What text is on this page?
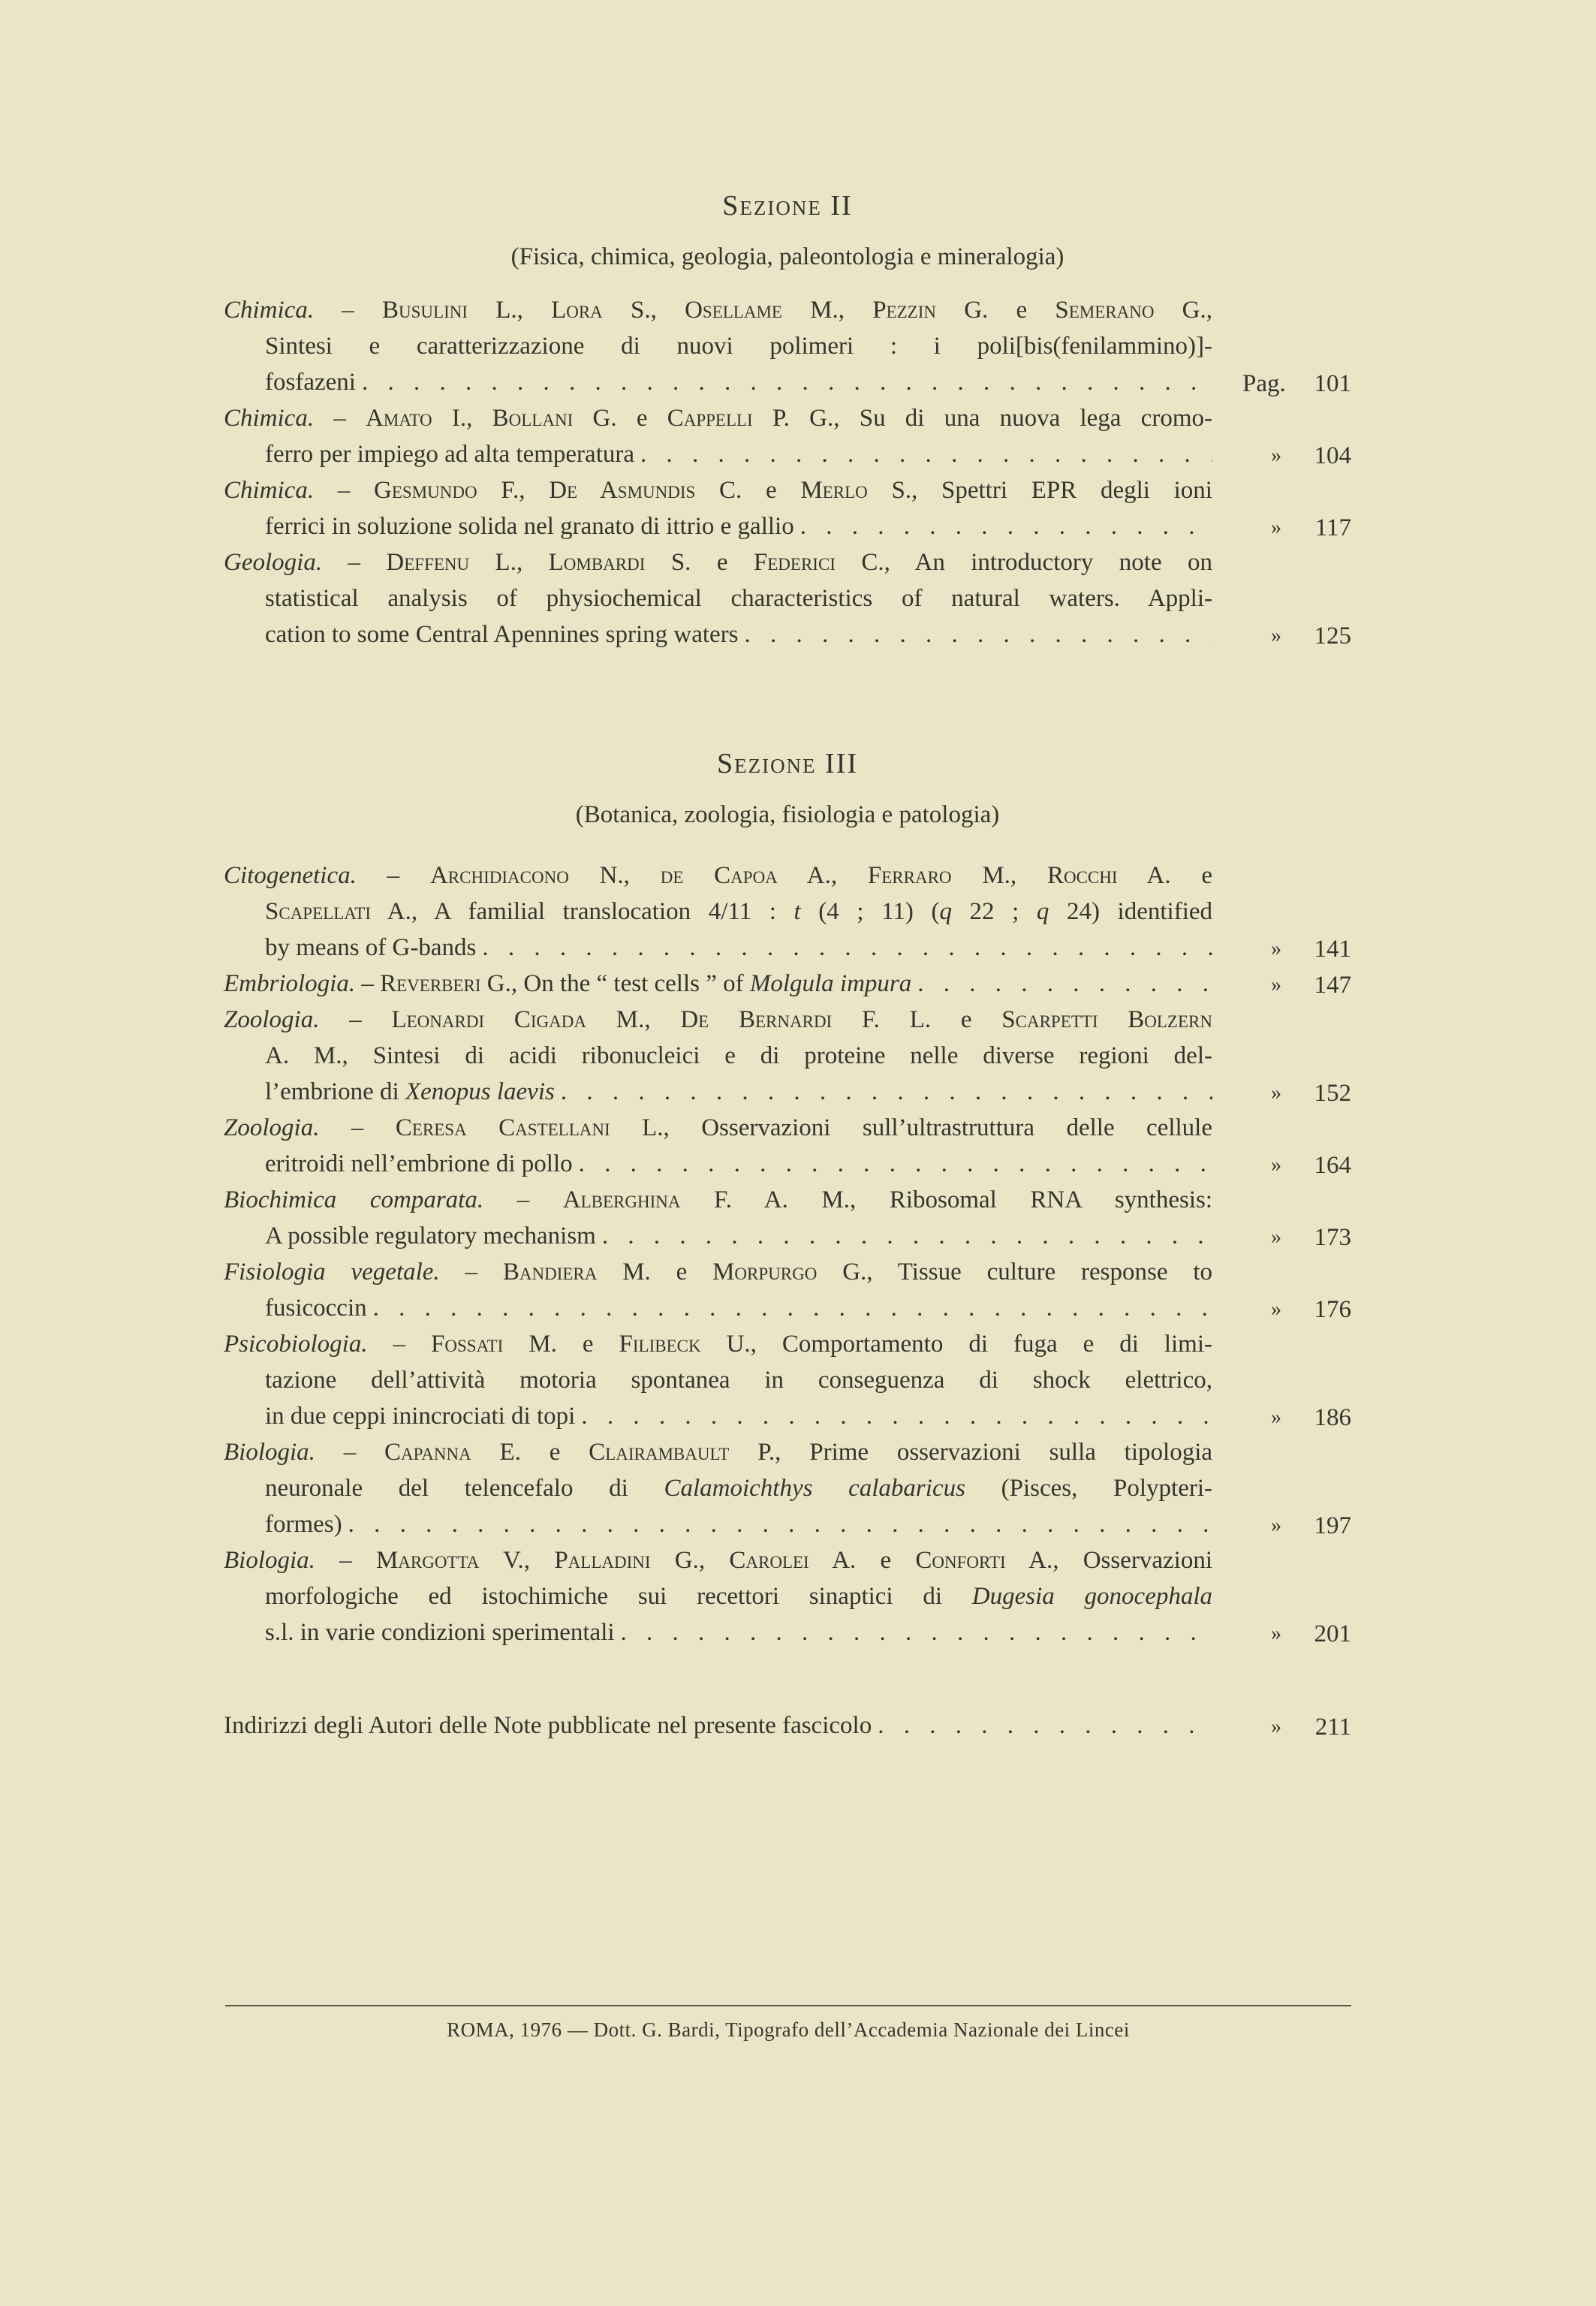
Sezione II
(Fisica, chimica, geologia, paleontologia e mineralogia)
Chimica. – Busulini L., Lora S., Osellame M., Pezzin G. e Semerano G.,
Sintesi e caratterizzazione di nuovi polimeri : i poli[bis(fenilammino)]-
fosfazeni . . .	Pag. 101
Chimica. – Amato I., Bollani G. e Cappelli P. G., Su di una nuova lega cromo-
ferro per impiego ad alta temperatura . . .	» 104
Chimica. – Gesmundo F., De Asmundis C. e Merlo S., Spettri EPR degli ioni
ferrici in soluzione solida nel granato di ittrio e gallio . . .	» 117
Geologia. – Deffenu L., Lombardi S. e Federici C., An introductory note on
statistical analysis of physiochemical characteristics of natural waters. Appli-
cation to some Central Apennines spring waters . . .	» 125
Sezione III
(Botanica, zoologia, fisiologia e patologia)
Citogenetica. – Archidiacono N., de Capoa A., Ferraro M., Rocchi A. e
Scapellati A., A familial translocation 4/11 : t (4 ; 11) (q 22 ; q 24) identified
by means of G-bands . . .	» 141
Embriologia. – Reverberi G., On the “ test cells ” of Molgula impura . . .	» 147
Zoologia. – Leonardi Cigada M., De Bernardi F. L. e Scarpetti Bolzern
A. M., Sintesi di acidi ribonucleici e di proteine nelle diverse regioni del-
l’embrione di Xenopus laevis . . .	» 152
Zoologia. – Ceresa Castellani L., Osservazioni sull’ultrastruttura delle cellule
eritroidi nell’embrione di pollo . . .	» 164
Biochimica comparata. – Alberghina F. A. M., Ribosomal RNA synthesis:
A possible regulatory mechanism . . .	» 173
Fisiologia vegetale. – Bandiera M. e Morpurgo G., Tissue culture response to
fusicoccin . . .	» 176
Psicobiologia. – Fossati M. e Filibeck U., Comportamento di fuga e di limi-
tazione dell’attività motoria spontanea in conseguenza di shock elettrico,
in due ceppi inincrociati di topi . . .	» 186
Biologia. – Capanna E. e Clairambault P., Prime osservazioni sulla tipologia
neuronale del telencefalo di Calamoichthys calabaricus (Pisces, Polypteri-
formes) . . .	» 197
Biologia. – Margotta V., Palladini G., Carolei A. e Conforti A., Osservazioni
morfologiche ed istochimiche sui recettori sinaptici di Dugesia gonocephala
s.l. in varie condizioni sperimentali . . .	» 201
Indirizzi degli Autori delle Note pubblicate nel presente fascicolo . . .	» 211
ROMA, 1976 — Dott. G. Bardi, Tipografo dell’Accademia Nazionale dei Lincei
